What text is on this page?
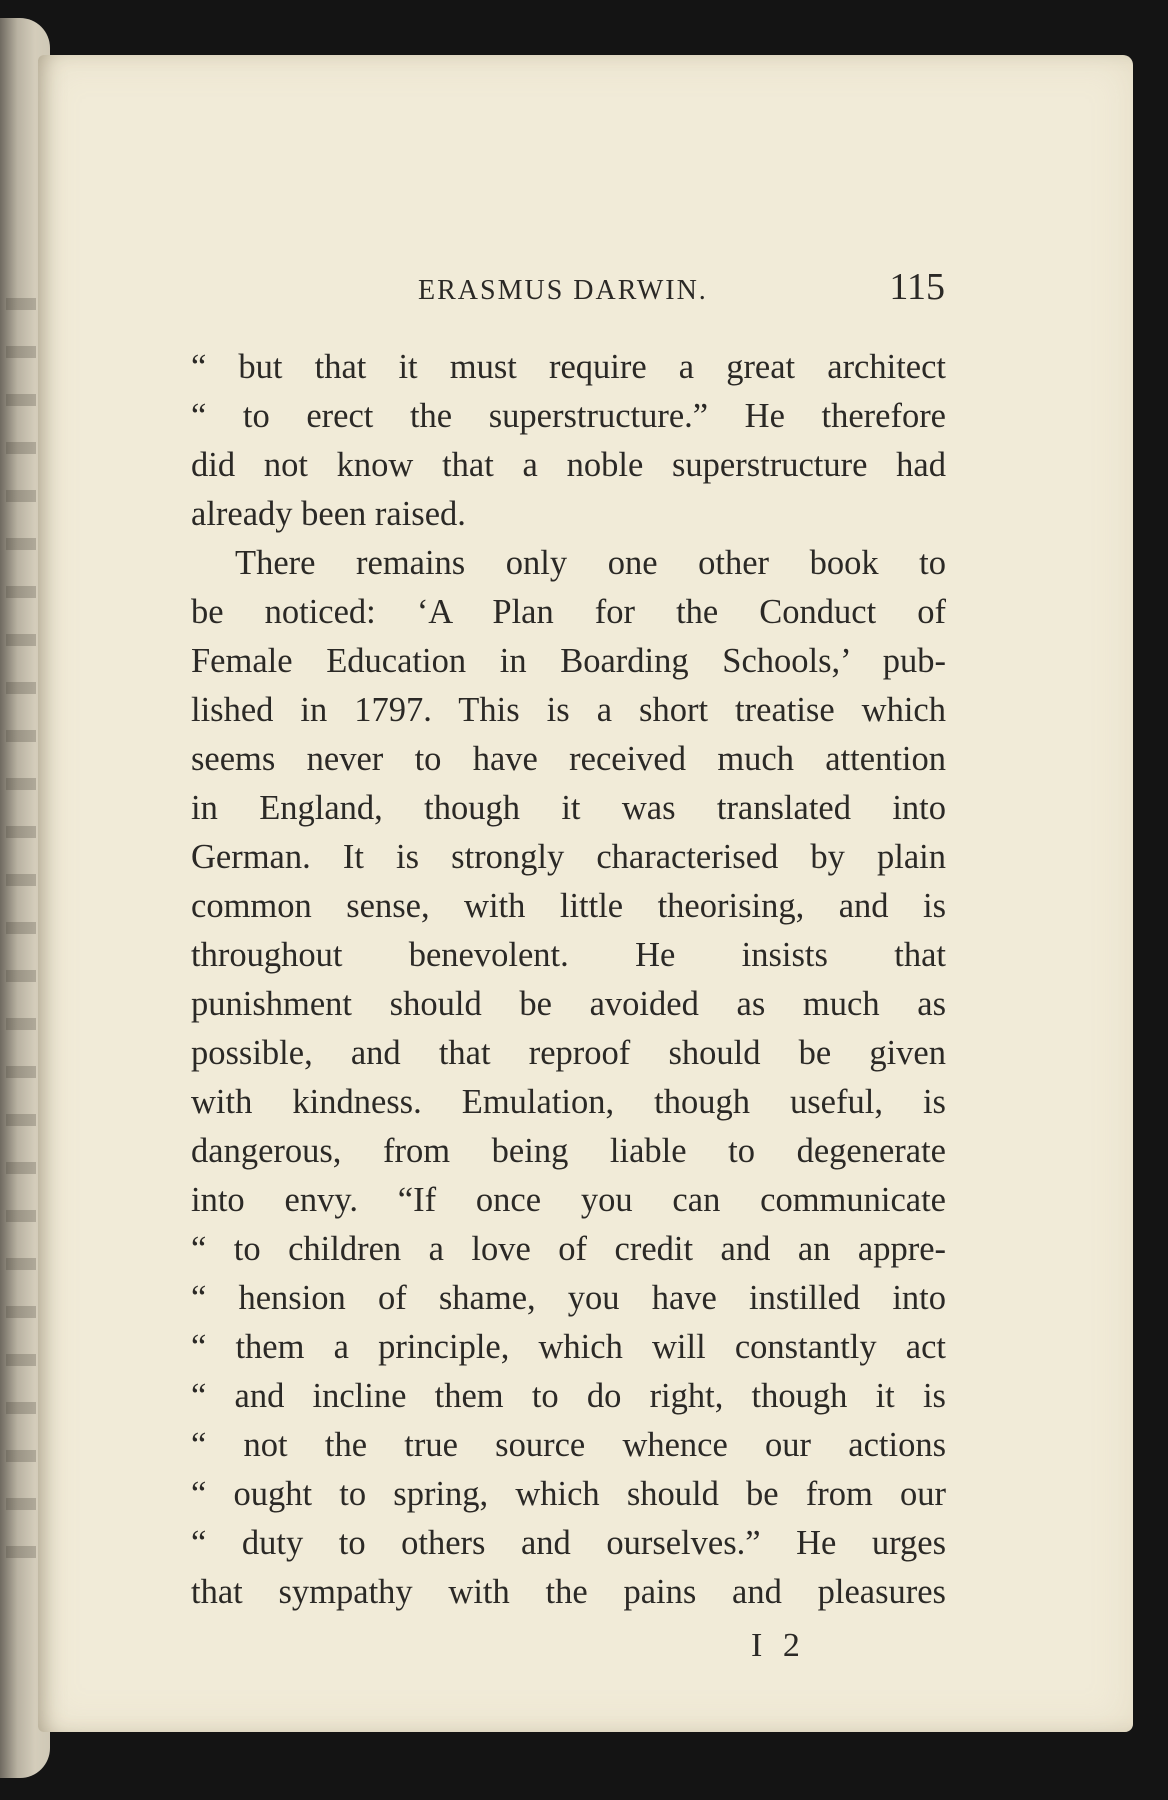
ERASMUS DARWIN.	115
“ but that it must require a great architect
“ to erect the superstructure.” He therefore
did not know that a noble superstructure had
already been raised.
There remains only one other book to
be noticed: ‘A Plan for the Conduct of
Female Education in Boarding Schools,’ pub-
lished in 1797. This is a short treatise which
seems never to have received much attention
in England, though it was translated into
German. It is strongly characterised by plain
common sense, with little theorising, and is
throughout benevolent. He insists that
punishment should be avoided as much as
possible, and that reproof should be given
with kindness. Emulation, though useful, is
dangerous, from being liable to degenerate
into envy. “If once you can communicate
“ to children a love of credit and an appre-
“ hension of shame, you have instilled into
“ them a principle, which will constantly act
“ and incline them to do right, though it is
“ not the true source whence our actions
“ ought to spring, which should be from our
“ duty to others and ourselves.” He urges
that sympathy with the pains and pleasures
I 2
